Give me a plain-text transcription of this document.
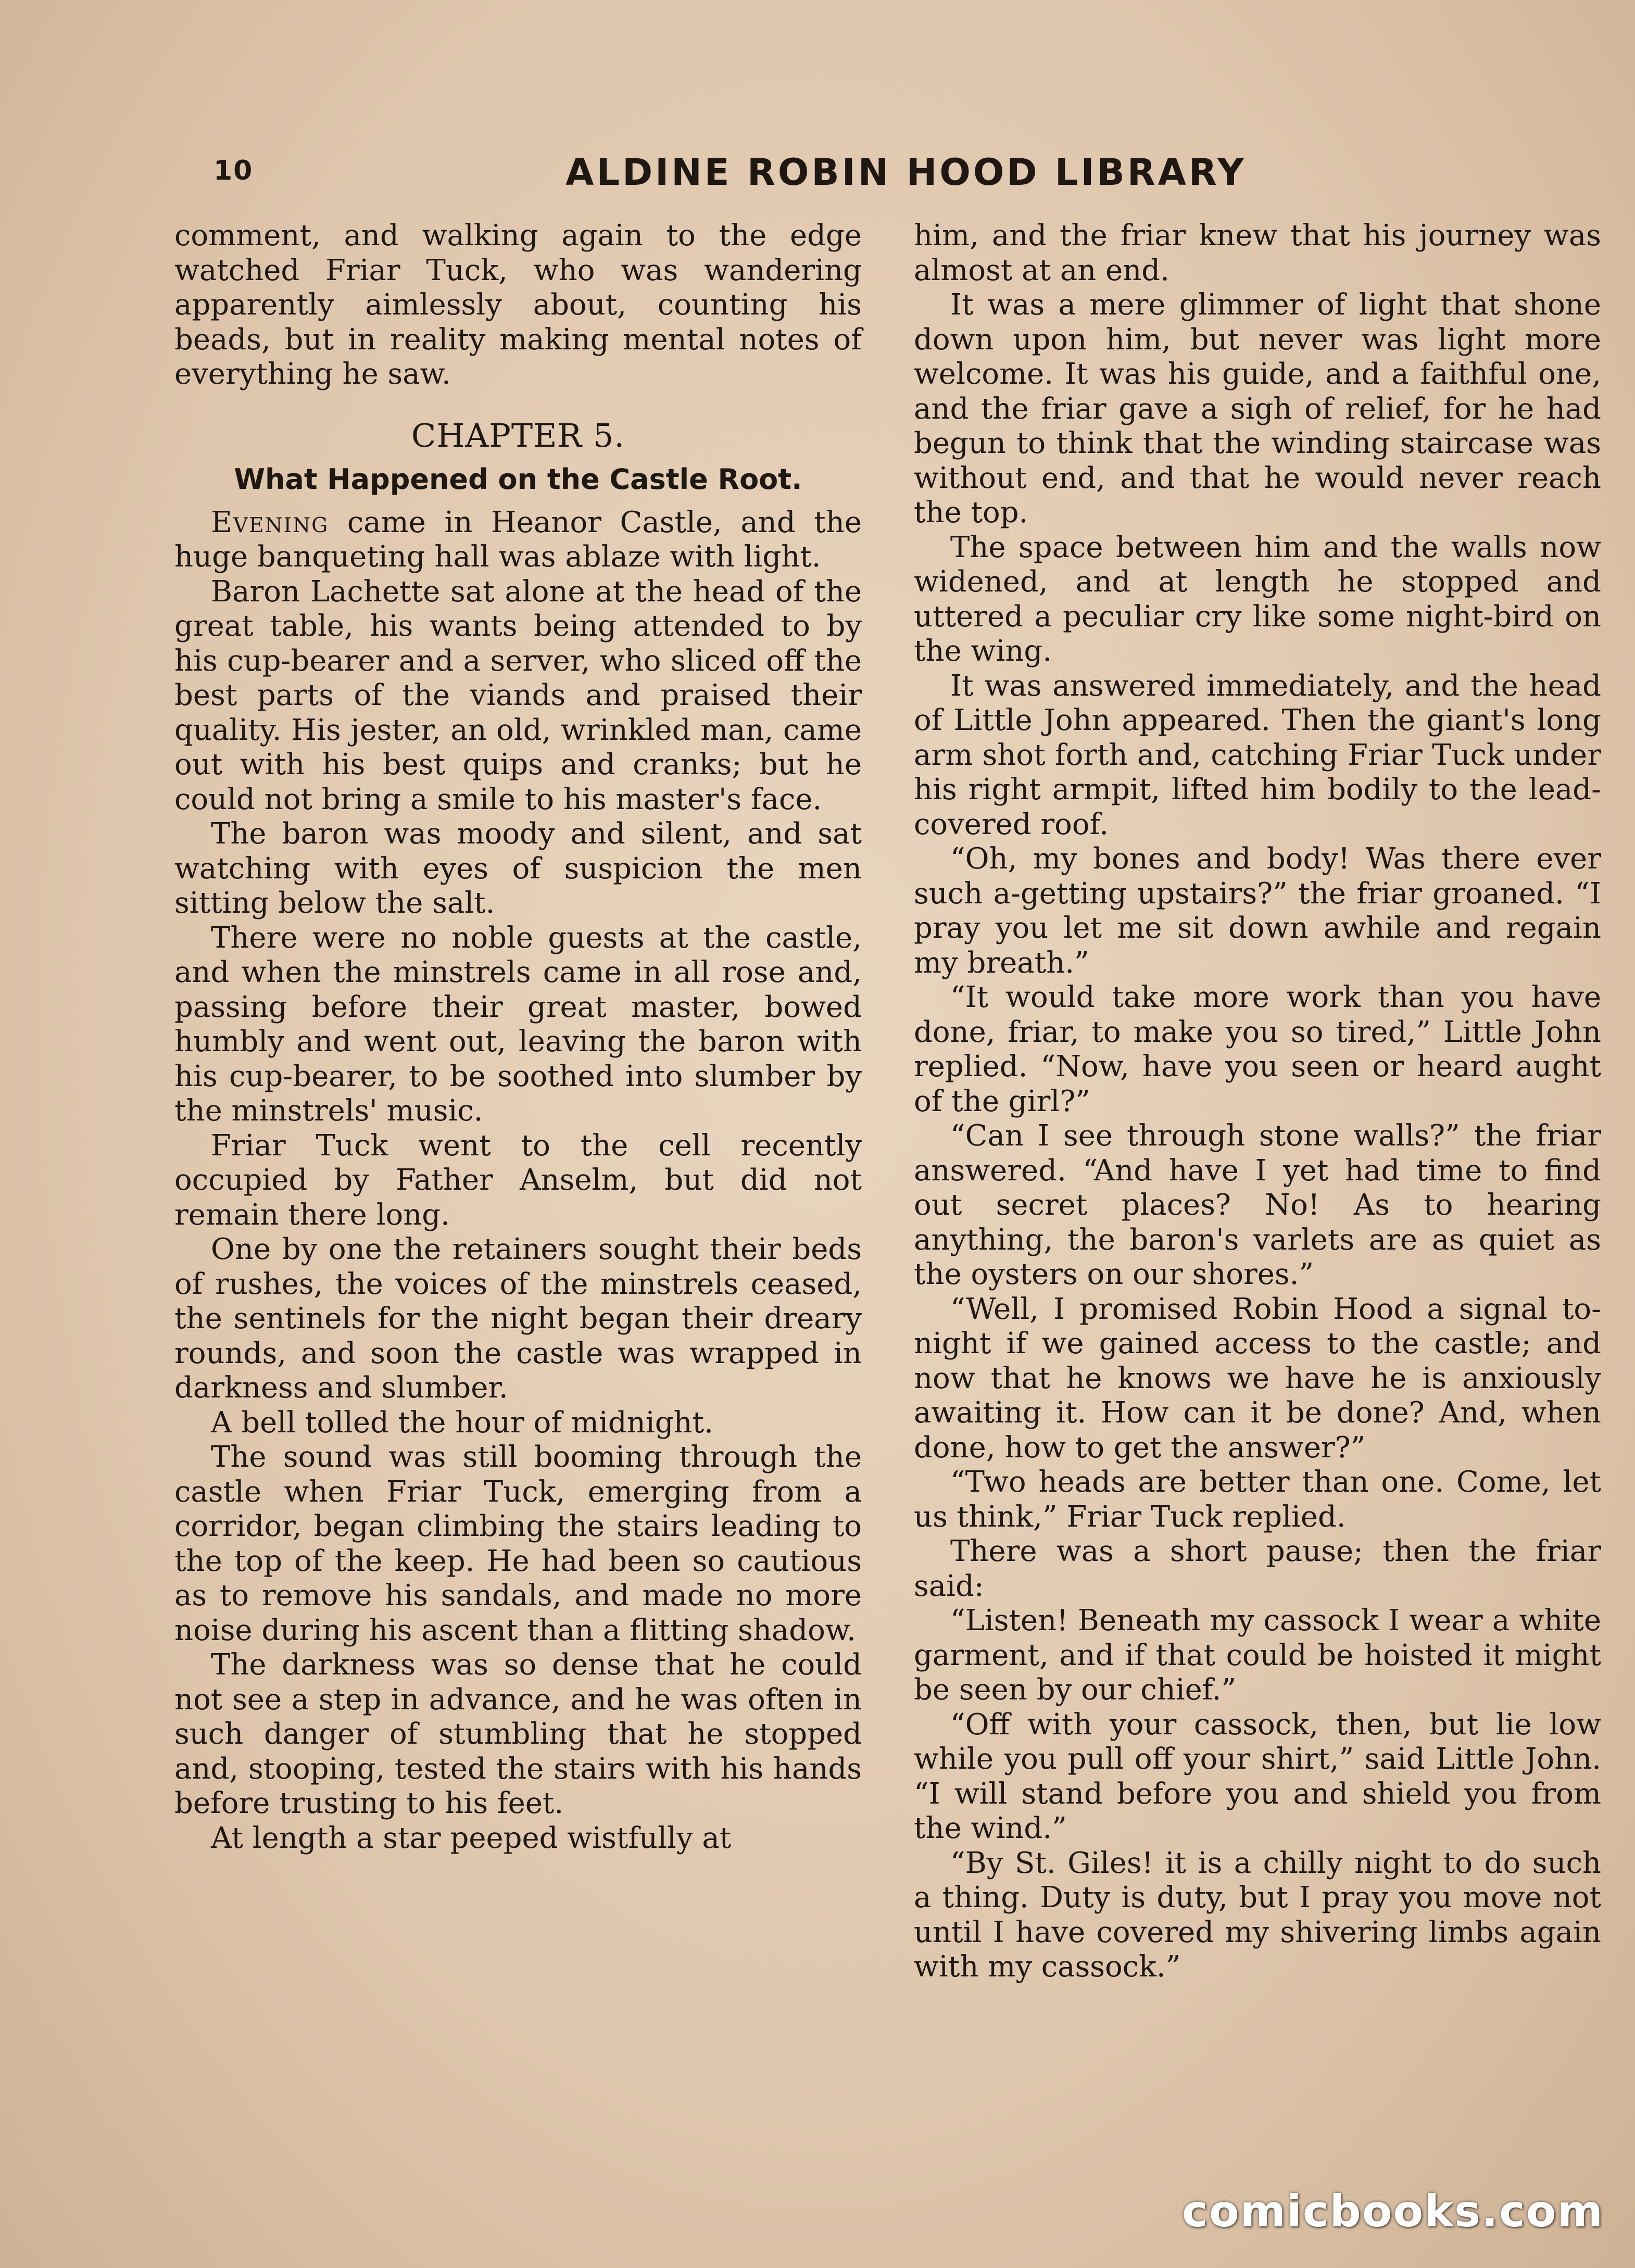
10	ALDINE ROBIN HOOD LIBRARY

comment, and walking again to the edge watched Friar Tuck, who was wandering apparently aimlessly about, counting his beads, but in reality making mental notes of everything he saw.

CHAPTER 5.
What Happened on the Castle Root.

Evening came in Heanor Castle, and the huge banqueting hall was ablaze with light.

Baron Lachette sat alone at the head of the great table, his wants being attended to by his cup-bearer and a server, who sliced off the best parts of the viands and praised their quality. His jester, an old, wrinkled man, came out with his best quips and cranks; but he could not bring a smile to his master's face.

The baron was moody and silent, and sat watching with eyes of suspicion the men sitting below the salt.

There were no noble guests at the castle, and when the minstrels came in all rose and, passing before their great master, bowed humbly and went out, leaving the baron with his cup-bearer, to be soothed into slumber by the minstrels' music.

Friar Tuck went to the cell recently occupied by Father Anselm, but did not remain there long.

One by one the retainers sought their beds of rushes, the voices of the minstrels ceased, the sentinels for the night began their dreary rounds, and soon the castle was wrapped in darkness and slumber.

A bell tolled the hour of midnight.

The sound was still booming through the castle when Friar Tuck, emerging from a corridor, began climbing the stairs leading to the top of the keep. He had been so cautious as to remove his sandals, and made no more noise during his ascent than a flitting shadow.

The darkness was so dense that he could not see a step in advance, and he was often in such danger of stumbling that he stopped and, stooping, tested the stairs with his hands before trusting to his feet.

At length a star peeped wistfully at

him, and the friar knew that his journey was almost at an end.

It was a mere glimmer of light that shone down upon him, but never was light more welcome. It was his guide, and a faithful one, and the friar gave a sigh of relief, for he had begun to think that the winding staircase was without end, and that he would never reach the top.

The space between him and the walls now widened, and at length he stopped and uttered a peculiar cry like some night-bird on the wing.

It was answered immediately, and the head of Little John appeared. Then the giant's long arm shot forth and, catching Friar Tuck under his right armpit, lifted him bodily to the lead-covered roof.

“Oh, my bones and body! Was there ever such a-getting upstairs?” the friar groaned. “I pray you let me sit down awhile and regain my breath.”

“It would take more work than you have done, friar, to make you so tired,” Little John replied. “Now, have you seen or heard aught of the girl?”

“Can I see through stone walls?” the friar answered. “And have I yet had time to find out secret places? No! As to hearing anything, the baron's varlets are as quiet as the oysters on our shores.”

“Well, I promised Robin Hood a signal to-night if we gained access to the castle; and now that he knows we have he is anxiously awaiting it. How can it be done? And, when done, how to get the answer?”

“Two heads are better than one. Come, let us think,” Friar Tuck replied.

There was a short pause; then the friar said:

“Listen! Beneath my cassock I wear a white garment, and if that could be hoisted it might be seen by our chief.”

“Off with your cassock, then, but lie low while you pull off your shirt,” said Little John. “I will stand before you and shield you from the wind.”

“By St. Giles! it is a chilly night to do such a thing. Duty is duty, but I pray you move not until I have covered my shivering limbs again with my cassock.”

comicbooks.com
